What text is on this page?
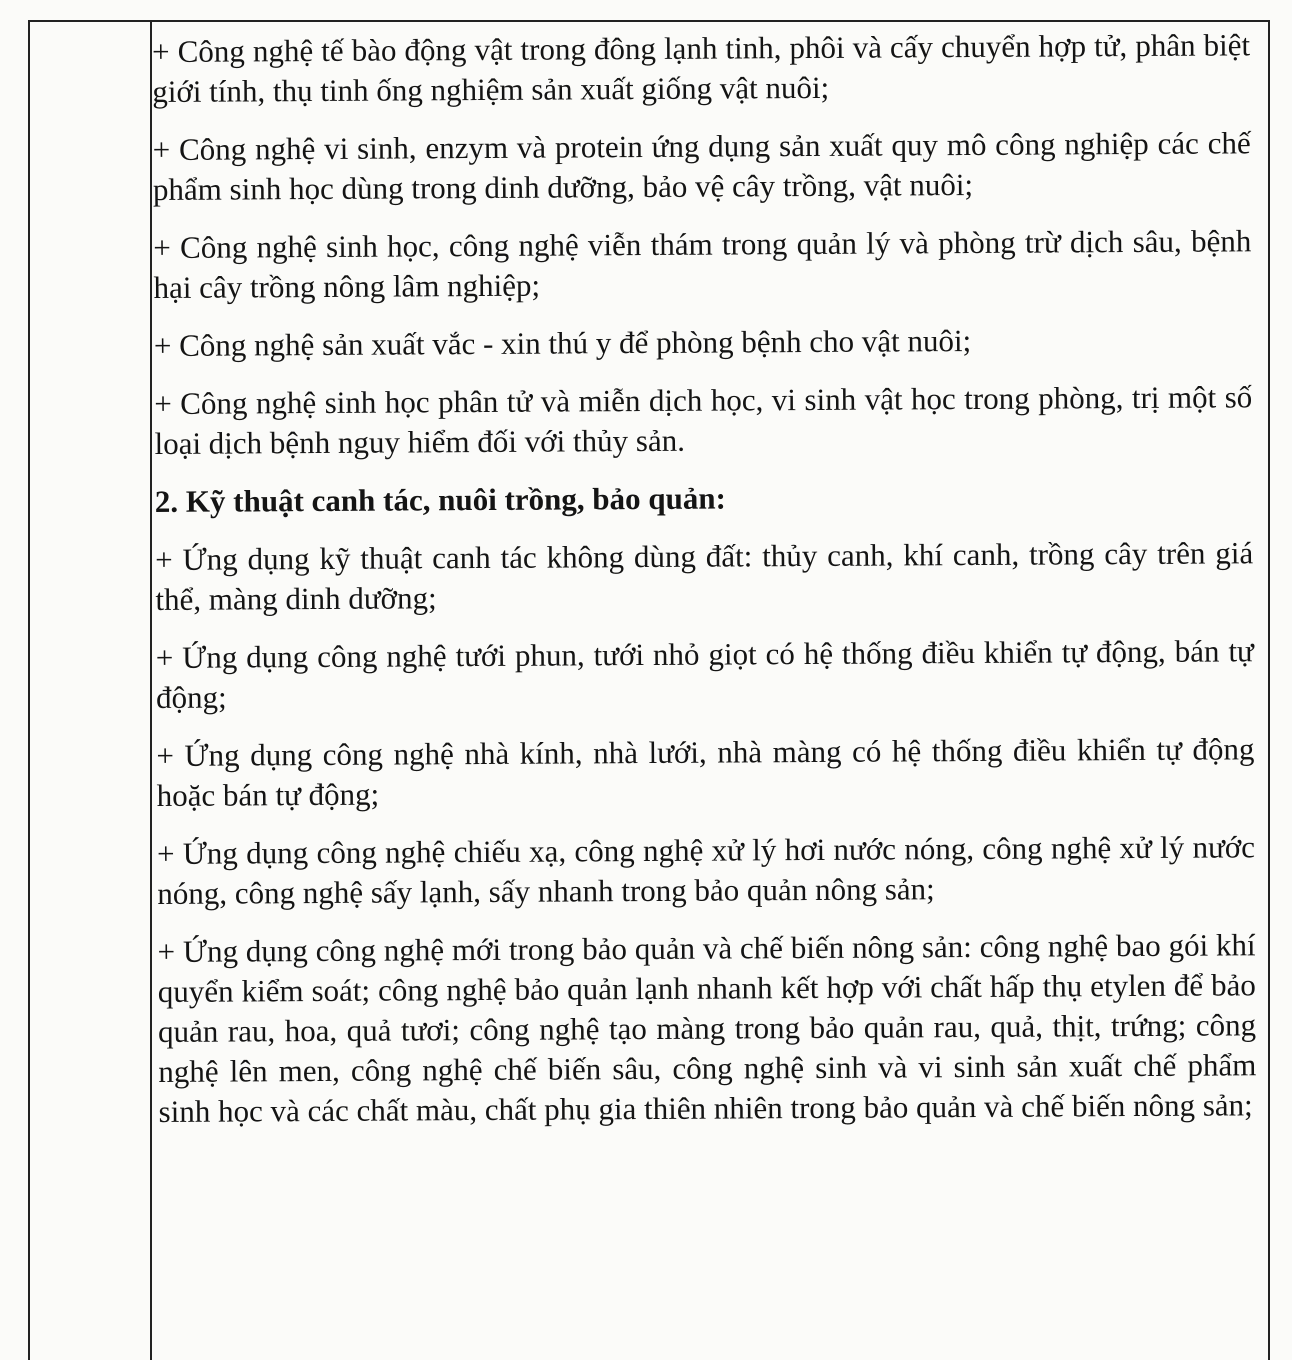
+ Công nghệ tế bào động vật trong đông lạnh tinh, phôi và cấy chuyển hợp tử, phân biệt giới tính, thụ tinh ống nghiệm sản xuất giống vật nuôi;

+ Công nghệ vi sinh, enzym và protein ứng dụng sản xuất quy mô công nghiệp các chế phẩm sinh học dùng trong dinh dưỡng, bảo vệ cây trồng, vật nuôi;

+ Công nghệ sinh học, công nghệ viễn thám trong quản lý và phòng trừ dịch sâu, bệnh hại cây trồng nông lâm nghiệp;

+ Công nghệ sản xuất vắc - xin thú y để phòng bệnh cho vật nuôi;

+ Công nghệ sinh học phân tử và miễn dịch học, vi sinh vật học trong phòng, trị một số loại dịch bệnh nguy hiểm đối với thủy sản.

2. Kỹ thuật canh tác, nuôi trồng, bảo quản:

+ Ứng dụng kỹ thuật canh tác không dùng đất: thủy canh, khí canh, trồng cây trên giá thể, màng dinh dưỡng;

+ Ứng dụng công nghệ tưới phun, tưới nhỏ giọt có hệ thống điều khiển tự động, bán tự động;

+ Ứng dụng công nghệ nhà kính, nhà lưới, nhà màng có hệ thống điều khiển tự động hoặc bán tự động;

+ Ứng dụng công nghệ chiếu xạ, công nghệ xử lý hơi nước nóng, công nghệ xử lý nước nóng, công nghệ sấy lạnh, sấy nhanh trong bảo quản nông sản;

+ Ứng dụng công nghệ mới trong bảo quản và chế biến nông sản: công nghệ bao gói khí quyển kiểm soát; công nghệ bảo quản lạnh nhanh kết hợp với chất hấp thụ etylen để bảo quản rau, hoa, quả tươi; công nghệ tạo màng trong bảo quản rau, quả, thịt, trứng; công nghệ lên men, công nghệ chế biến sâu, công nghệ sinh và vi sinh sản xuất chế phẩm sinh học và các chất màu, chất phụ gia thiên nhiên trong bảo quản và chế biến nông sản;
